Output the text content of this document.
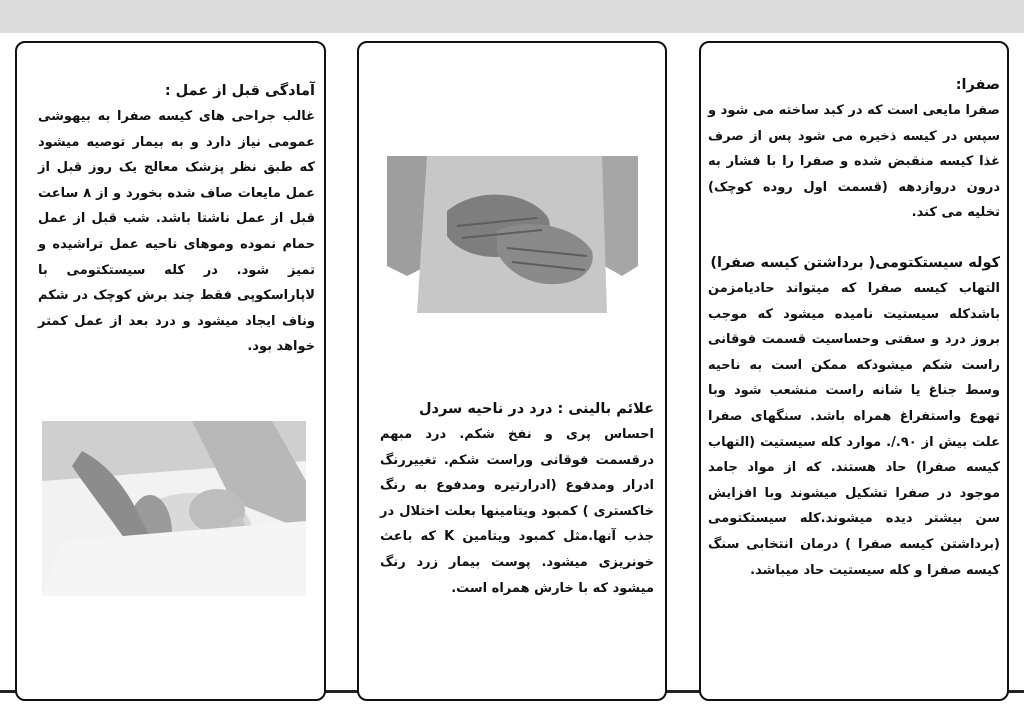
آمادگی قبل از عمل :

غالب جراحی های کیسه صفرا به بیهوشی عمومی نیاز دارد و به بیمار توصیه میشود که طبق نظر پزشک معالج یک روز قبل از عمل مایعات صاف شده بخورد و از ۸ ساعت قبل از عمل ناشتا باشد. شب قبل از عمل حمام نموده وموهای ناحیه عمل تراشیده و تمیز شود. در کله سیستکتومی با لاپاراسکوپی فقط چند برش کوچک در شکم وناف ایجاد میشود و درد بعد از عمل کمتر خواهد بود.

علائم بالینی : درد در ناحیه سردل

احساس پری و نفخ شکم. درد مبهم درقسمت فوقانی وراست شکم. تغییررنگ ادرار ومدفوع (ادرارتیره ومدفوع به رنگ خاکستری ) کمبود ویتامینها بعلت اختلال در جذب آنها.مثل کمبود ویتامین K که باعث خونریزی میشود. پوست بیمار زرد رنگ میشود که با خارش همراه است.

صفرا:

صفرا مایعی است که در کبد ساخته می شود و سپس در کیسه ذخیره می شود پس از صرف غذا کیسه منقبض شده و صفرا را با فشار به درون دروازدهه (قسمت اول روده کوچک) تخلیه می کند.

کوله سیستکتومی( برداشتن کیسه صفرا)

التهاب کیسه صفرا که میتواند حادیامزمن باشدکله سیستیت نامیده میشود که موجب بروز درد و سفتی وحساسیت قسمت فوقانی راست شکم میشودکه ممکن است به ناحیه وسط جناغ یا شانه راست منشعب شود وبا تهوع واستفراغ همراه باشد. سنگهای صفرا علت بیش از ۹۰./. موارد کله سیستیت (التهاب کیسه صفرا) حاد هستند. که از مواد جامد موجود در صفرا تشکیل میشوند وبا افزایش سن بیشتر دیده میشوند.کله سیستکتومی (برداشتن کیسه صفرا ) درمان انتخابی سنگ کیسه صفرا و کله سیستیت حاد میباشد.
